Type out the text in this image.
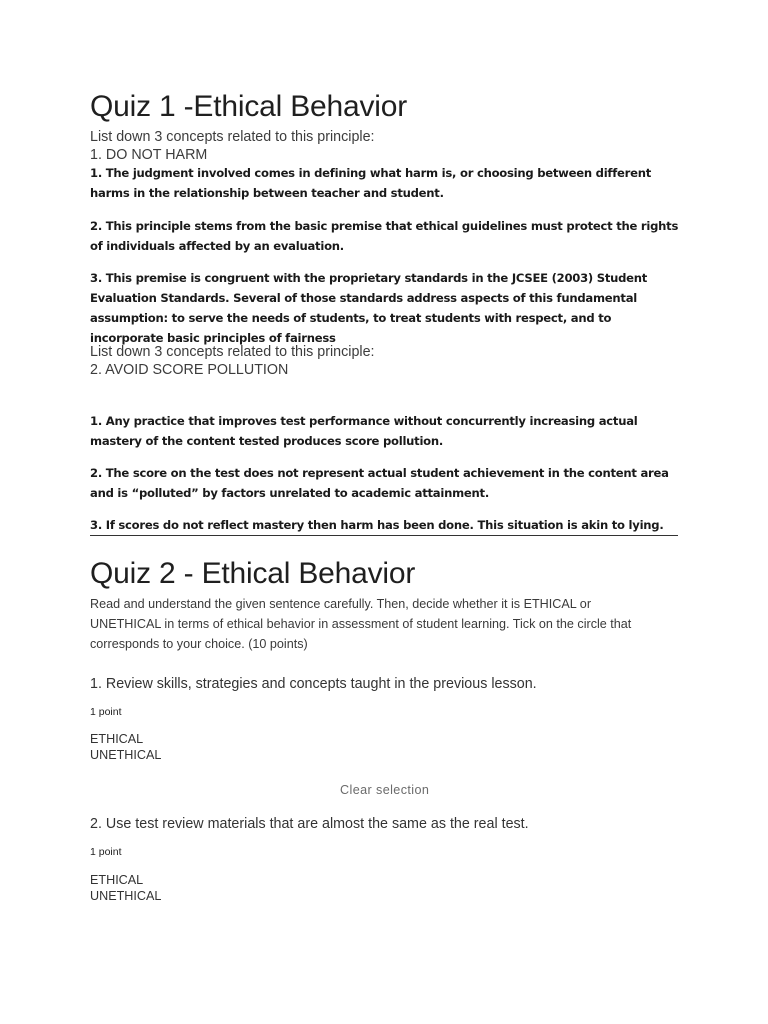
Quiz 1 -Ethical Behavior
List down 3 concepts related to this principle:
1. DO NOT HARM
1. The judgment involved comes in defining what harm is, or choosing between different harms in the relationship between teacher and student.
2. This principle stems from the basic premise that ethical guidelines must protect the rights of individuals affected by an evaluation.
3. This premise is congruent with the proprietary standards in the JCSEE (2003) Student Evaluation Standards. Several of those standards address aspects of this fundamental assumption: to serve the needs of students, to treat students with respect, and to incorporate basic principles of fairness
List down 3 concepts related to this principle:
2. AVOID SCORE POLLUTION
1. Any practice that improves test performance without concurrently increasing actual mastery of the content tested produces score pollution.
2. The score on the test does not represent actual student achievement in the content area and is “polluted” by factors unrelated to academic attainment.
3. If scores do not reflect mastery then harm has been done. This situation is akin to lying.
Quiz 2 - Ethical Behavior
Read and understand the given sentence carefully. Then, decide whether it is ETHICAL or UNETHICAL in terms of ethical behavior in assessment of student learning. Tick on the circle that corresponds to your choice. (10 points)
1. Review skills, strategies and concepts taught in the previous lesson.
1 point
ETHICAL
UNETHICAL
Clear selection
2. Use test review materials that are almost the same as the real test.
1 point
ETHICAL
UNETHICAL
